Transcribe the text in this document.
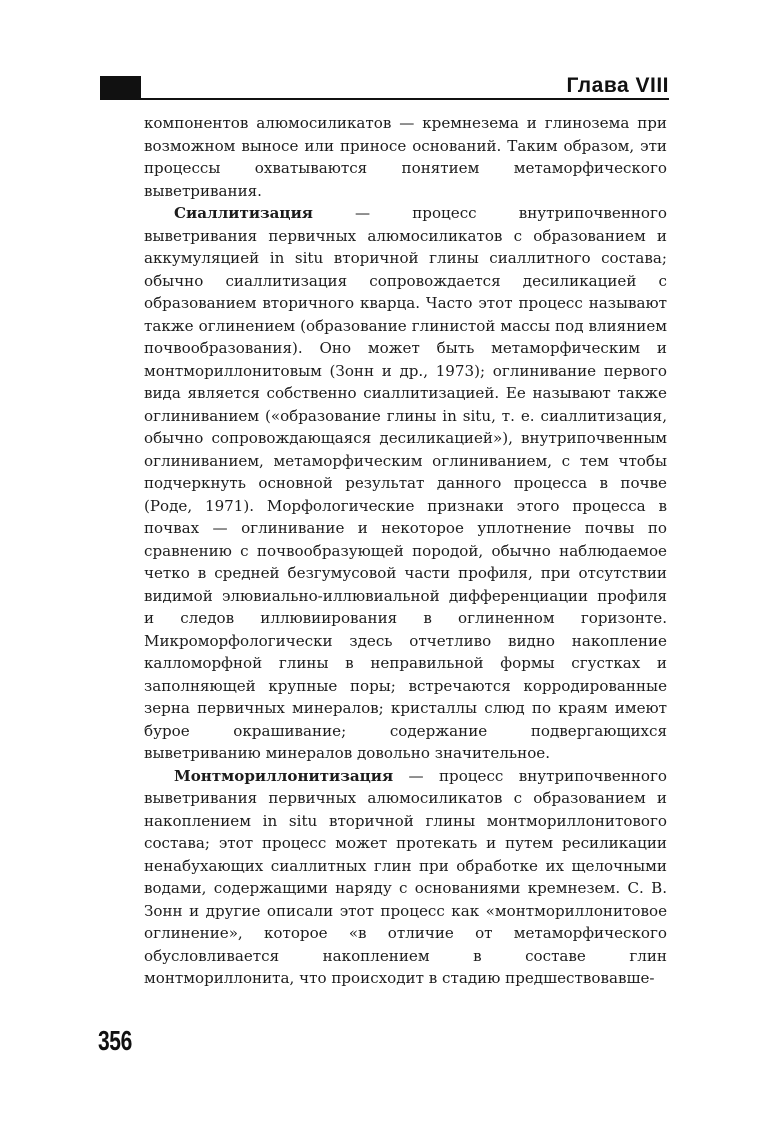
Глава VIII

компонентов алюмосиликатов — кремнезема и глинозема при возможном выносе или приносе оснований. Таким образом, эти процессы охватываются понятием метаморфического выветривания.

Сиаллитизация — процесс внутрипочвенного выветривания первичных алюмосиликатов с образованием и аккумуляцией in situ вторичной глины сиаллитного состава; обычно сиаллитизация сопровождается десиликацией с образованием вторичного кварца. Часто этот процесс называют также оглинением (образование глинистой массы под влиянием почвообразования). Оно может быть метаморфическим и монтмориллонитовым (Зонн и др., 1973); оглинивание первого вида является собственно сиаллитизацией. Ее называют также оглиниванием («образование глины in situ, т. е. сиаллитизация, обычно сопровождающаяся десиликацией»), внутрипочвенным оглиниванием, метаморфическим оглиниванием, с тем чтобы подчеркнуть основной результат данного процесса в почве (Роде, 1971). Морфологические признаки этого процесса в почвах — оглинивание и некоторое уплотнение почвы по сравнению с почвообразующей породой, обычно наблюдаемое четко в средней безгумусовой части профиля, при отсутствии видимой элювиально-иллювиальной дифференциации профиля и следов иллювиирования в оглиненном горизонте. Микроморфологически здесь отчетливо видно накопление калломорфной глины в неправильной формы сгустках и заполняющей крупные поры; встречаются корродированные зерна первичных минералов; кристаллы слюд по краям имеют бурое окрашивание; содержание подвергающихся выветриванию минералов довольно значительное.

Монтмориллонитизация — процесс внутрипочвенного выветривания первичных алюмосиликатов с образованием и накоплением in situ вторичной глины монтмориллонитового состава; этот процесс может протекать и путем ресиликации ненабухающих сиаллитных глин при обработке их щелочными водами, содержащими наряду с основаниями кремнезем. С. В. Зонн и другие описали этот процесс как «монтмориллонитовое оглинение», которое «в отличие от метаморфического обусловливается накоплением в составе глин монтмориллонита, что происходит в стадию предшествовавше-

356
